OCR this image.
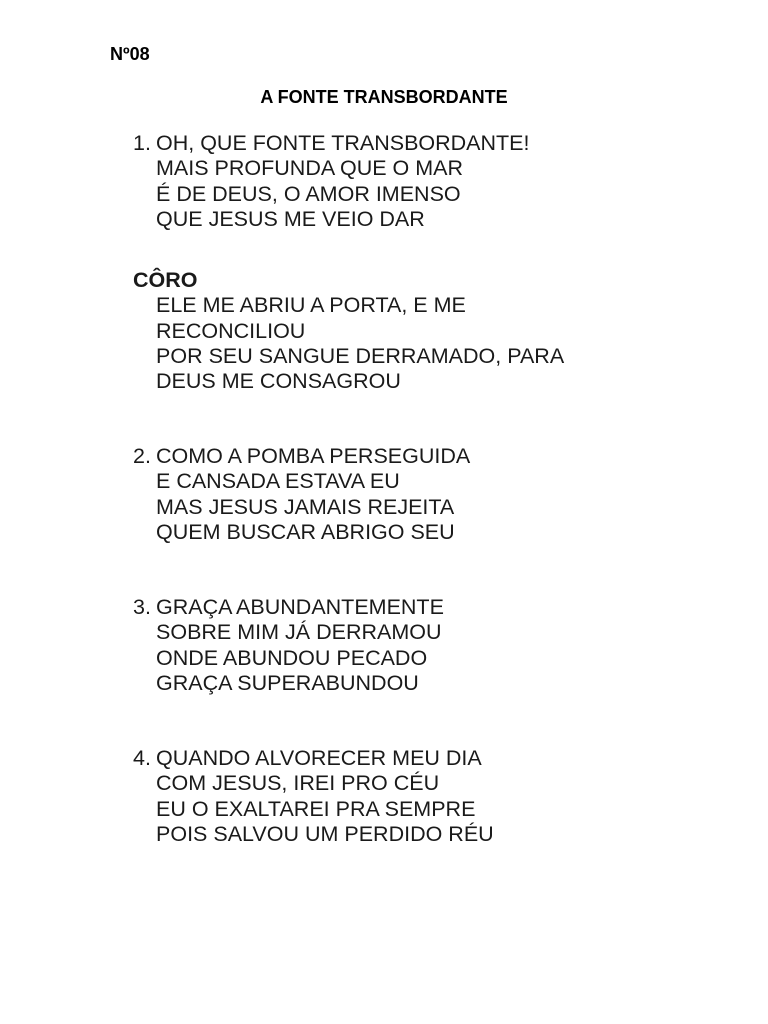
Nº08
A FONTE TRANSBORDANTE
1. OH, QUE FONTE TRANSBORDANTE!
MAIS PROFUNDA QUE O MAR
É DE DEUS, O AMOR IMENSO
QUE JESUS ME VEIO DAR
CÔRO
ELE ME ABRIU A PORTA, E ME
RECONCILIOU
POR SEU SANGUE DERRAMADO, PARA
DEUS ME CONSAGROU
2. COMO A POMBA PERSEGUIDA
E CANSADA ESTAVA EU
MAS JESUS JAMAIS REJEITA
QUEM BUSCAR ABRIGO SEU
3. GRAÇA ABUNDANTEMENTE
SOBRE MIM JÁ DERRAMOU
ONDE ABUNDOU PECADO
GRAÇA SUPERABUNDOU
4. QUANDO ALVORECER MEU DIA
COM JESUS, IREI PRO CÉU
EU O EXALTAREI PRA SEMPRE
POIS SALVOU UM PERDIDO RÉU
